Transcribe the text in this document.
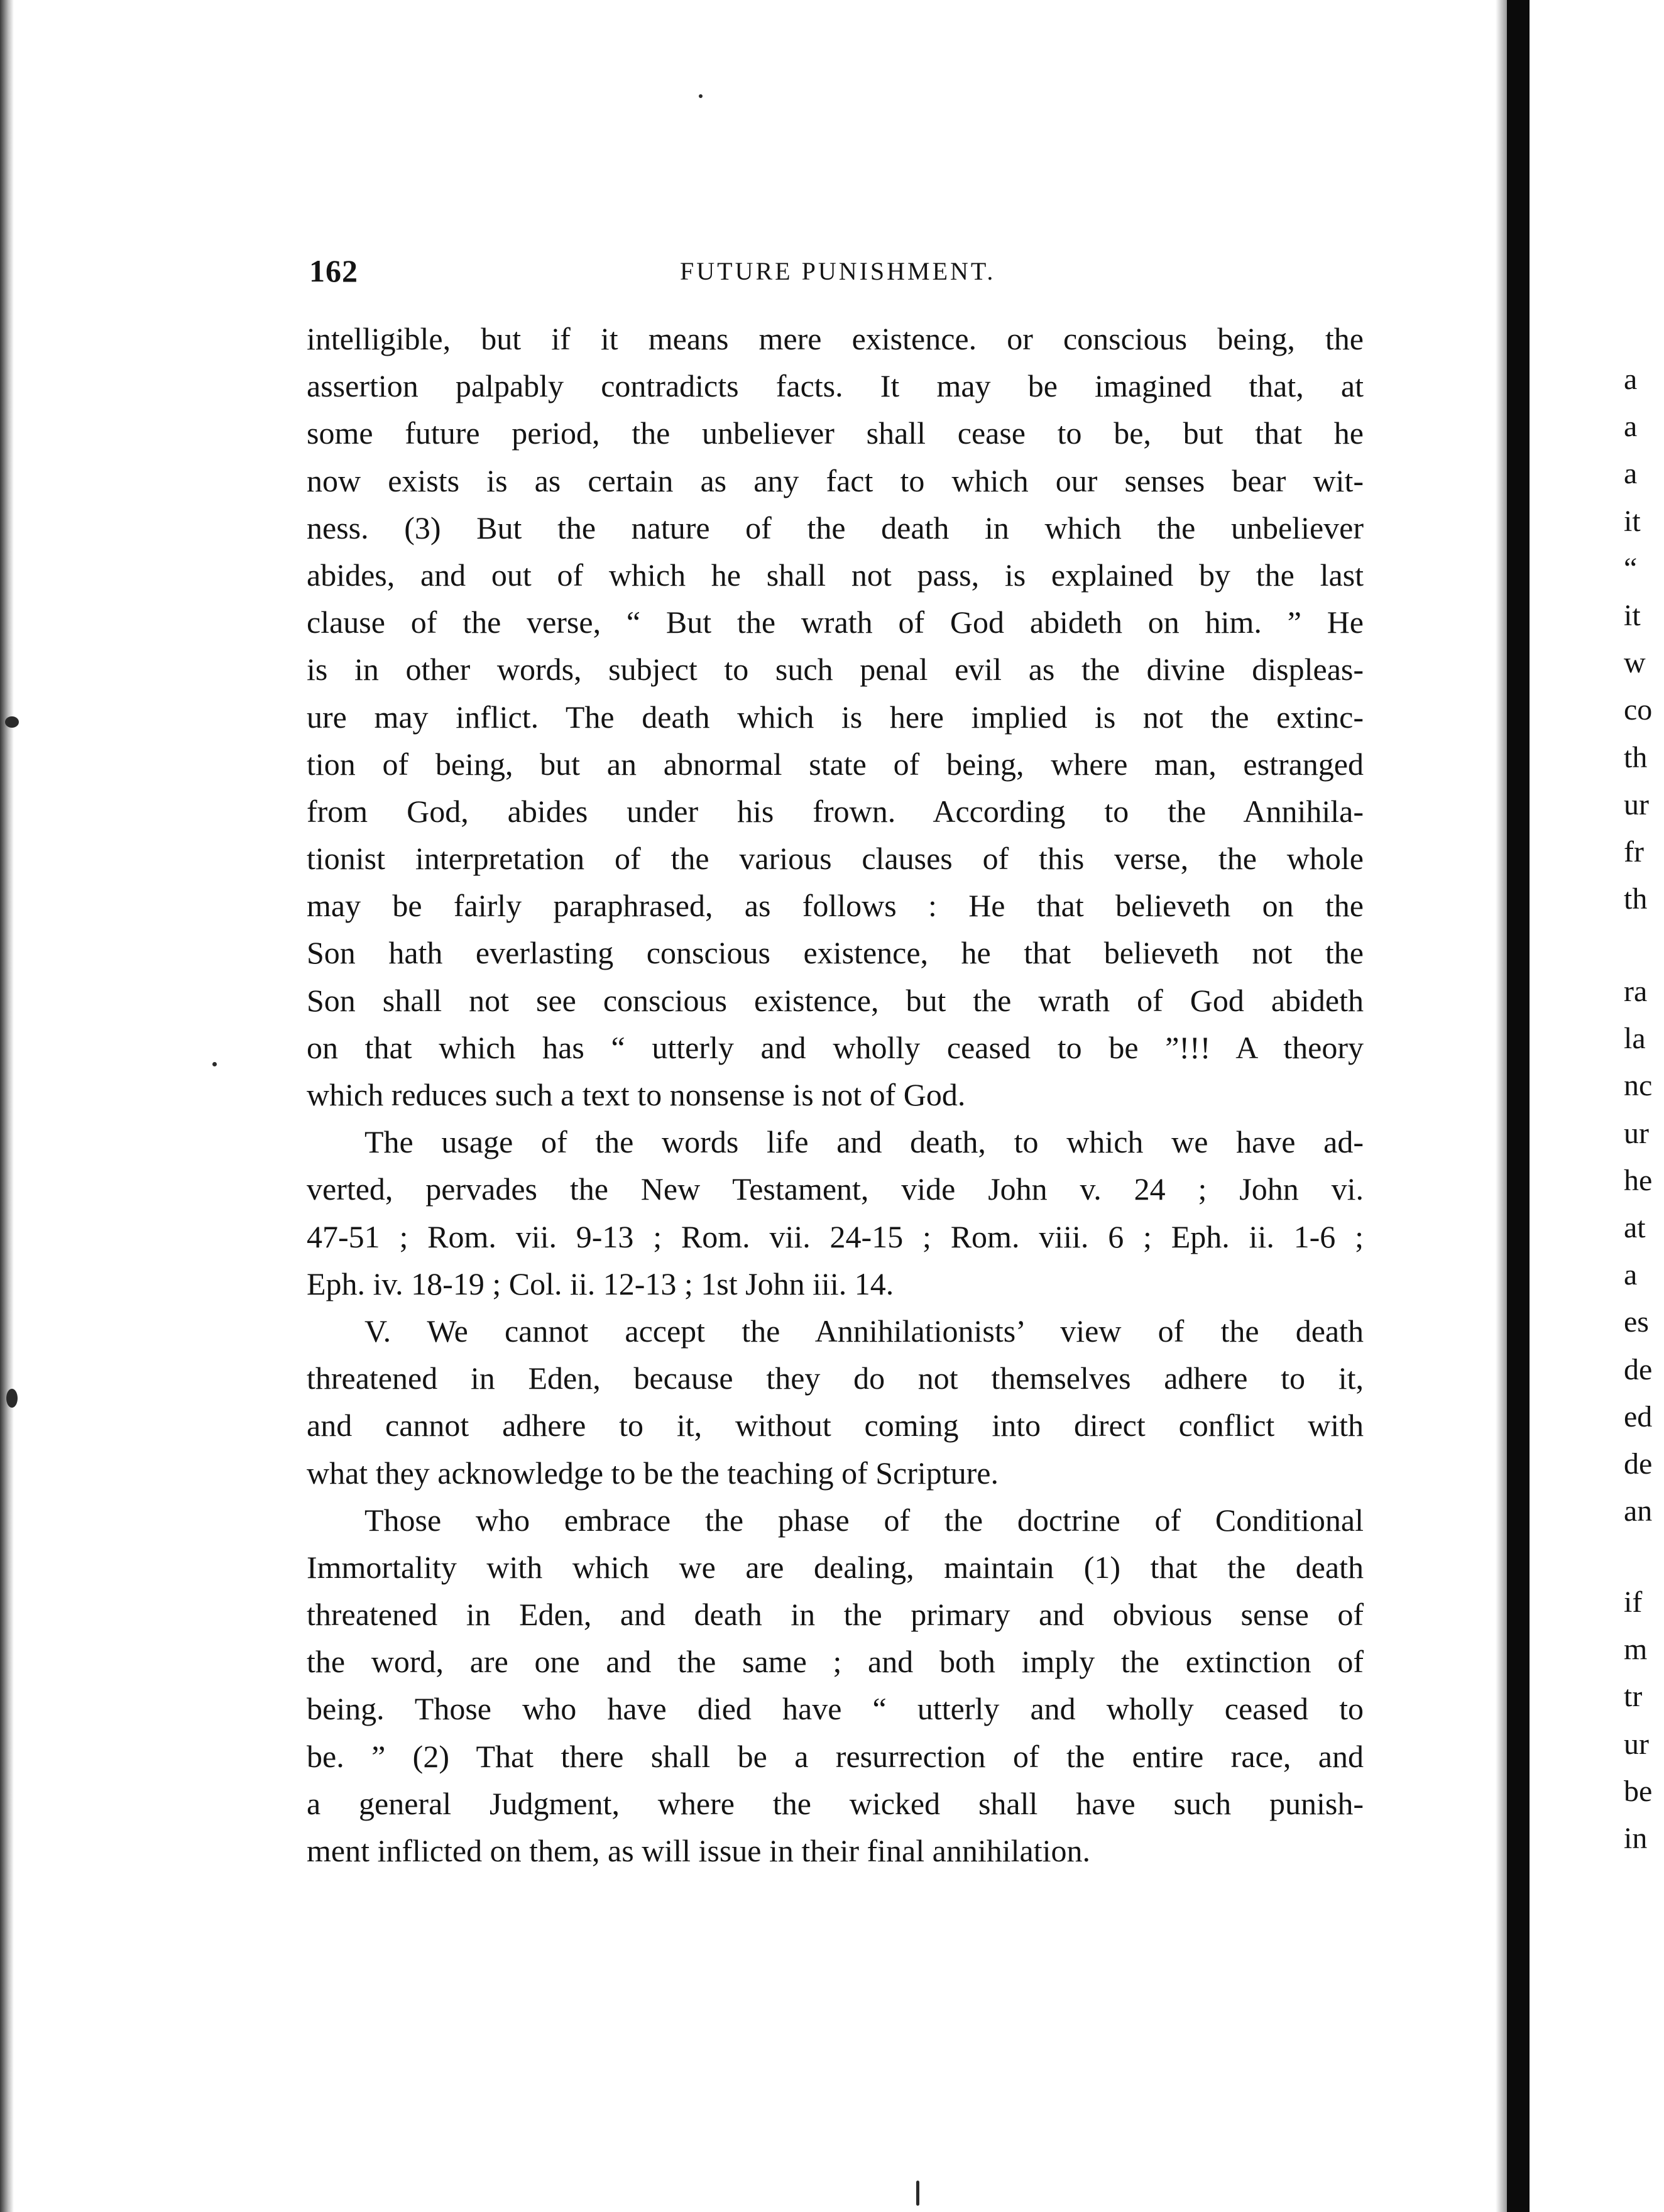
162	FUTURE PUNISHMENT.
intelligible, but if it means mere existence. or conscious being, the
assertion palpably contradicts facts. It may be imagined that, at
some future period, the unbeliever shall cease to be, but that he
now exists is as certain as any fact to which our senses bear wit-
ness. (3) But the nature of the death in which the unbeliever
abides, and out of which he shall not pass, is explained by the last
clause of the verse, “ But the wrath of God abideth on him. ” He
is in other words, subject to such penal evil as the divine displeas-
ure may inflict. The death which is here implied is not the extinc-
tion of being, but an abnormal state of being, where man, estranged
from God, abides under his frown. According to the Annihila-
tionist interpretation of the various clauses of this verse, the whole
may be fairly paraphrased, as follows : He that believeth on the
Son hath everlasting conscious existence, he that believeth not the
Son shall not see conscious existence, but the wrath of God abideth
on that which has “ utterly and wholly ceased to be ”!!! A theory
which reduces such a text to nonsense is not of God.
The usage of the words life and death, to which we have ad-
verted, pervades the New Testament, vide John v. 24 ; John vi.
47-51 ; Rom. vii. 9-13 ; Rom. vii. 24-15 ; Rom. viii. 6 ; Eph. ii. 1-6 ;
Eph. iv. 18-19 ; Col. ii. 12-13 ; 1st John iii. 14.
V. We cannot accept the Annihilationists’ view of the death
threatened in Eden, because they do not themselves adhere to it,
and cannot adhere to it, without coming into direct conflict with
what they acknowledge to be the teaching of Scripture.
Those who embrace the phase of the doctrine of Conditional
Immortality with which we are dealing, maintain (1) that the death
threatened in Eden, and death in the primary and obvious sense of
the word, are one and the same ; and both imply the extinction of
being. Those who have died have “ utterly and wholly ceased to
be. ” (2) That there shall be a resurrection of the entire race, and
a general Judgment, where the wicked shall have such punish-
ment inflicted on them, as will issue in their final annihilation.
a
a
a
it
“
it
w
co
th
ur
fr
th
ra
la
nc
ur
he
at
a
es
de
ed
de
an
if
m
tr
ur
be
in
